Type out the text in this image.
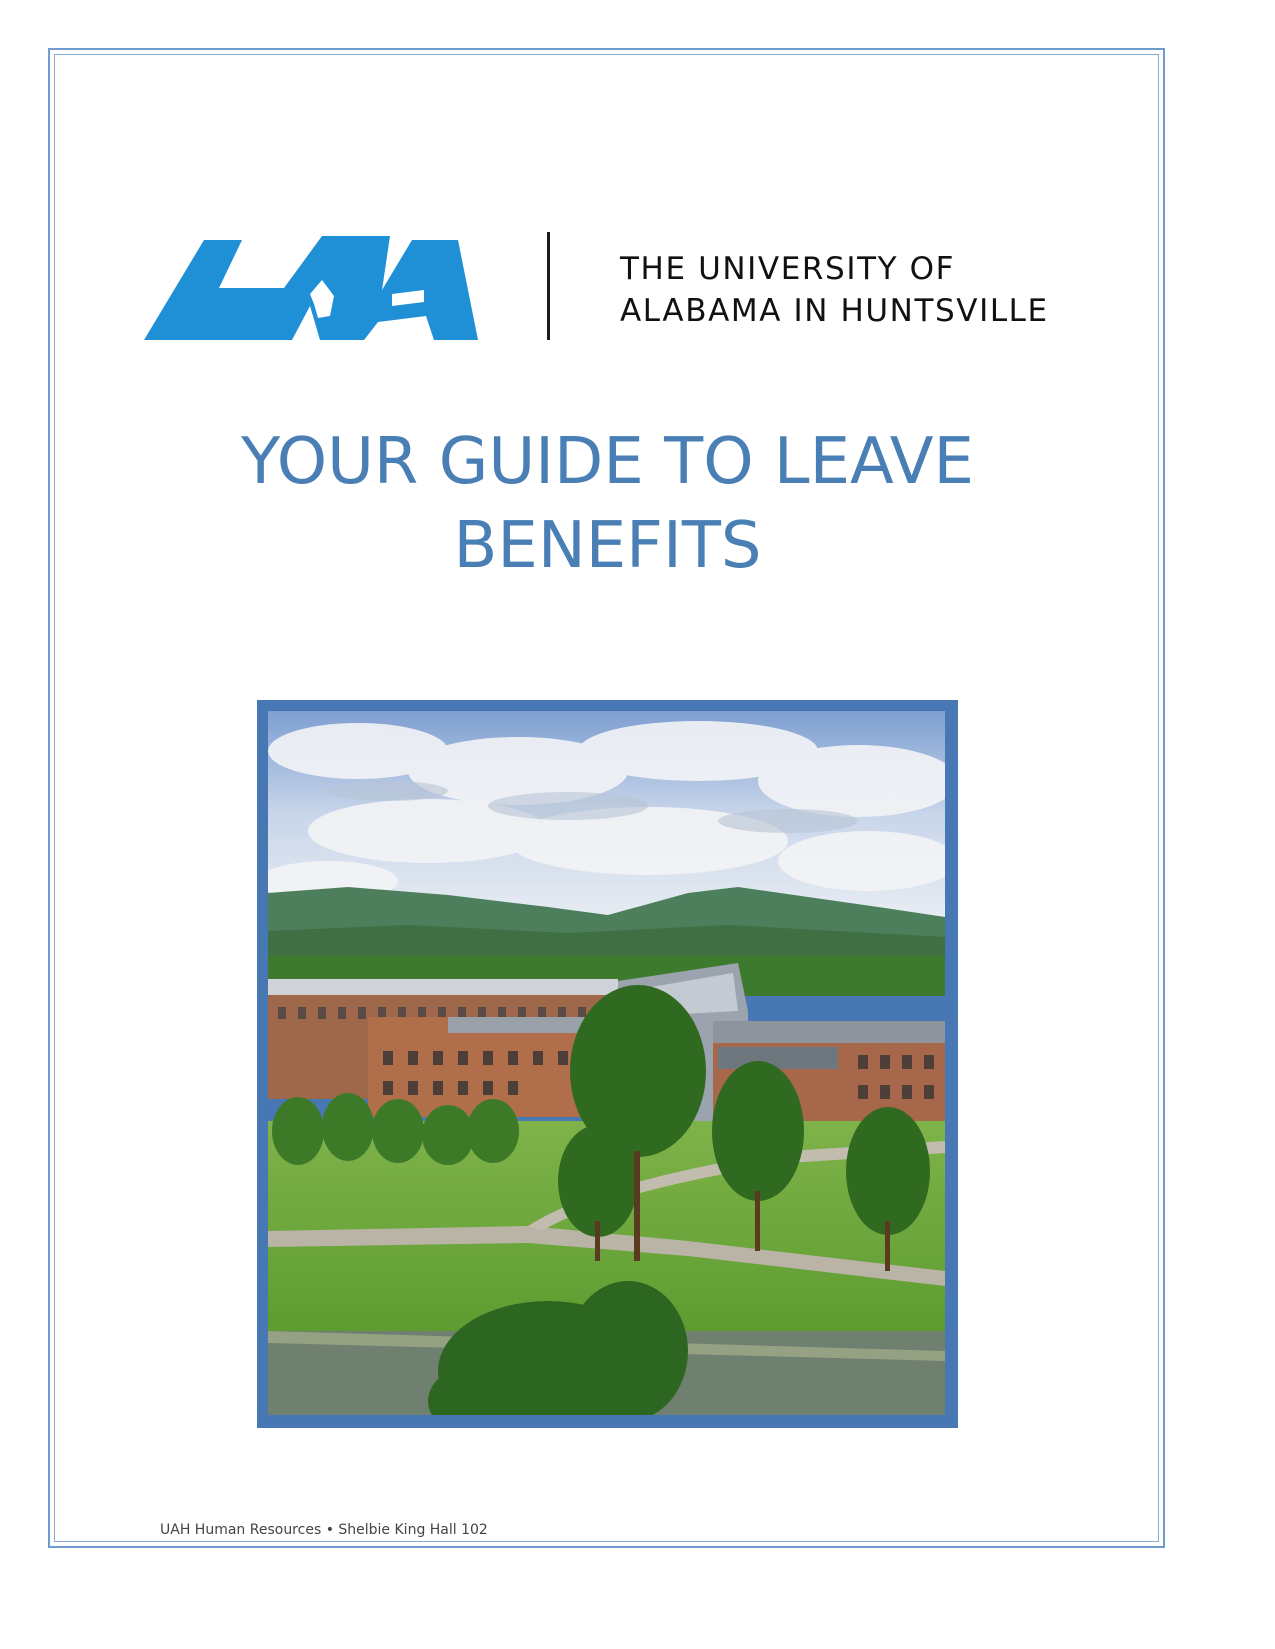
THE UNIVERSITY OF
ALABAMA IN HUNTSVILLE
YOUR GUIDE TO LEAVE
BENEFITS
UAH Human Resources • Shelbie King Hall 102
